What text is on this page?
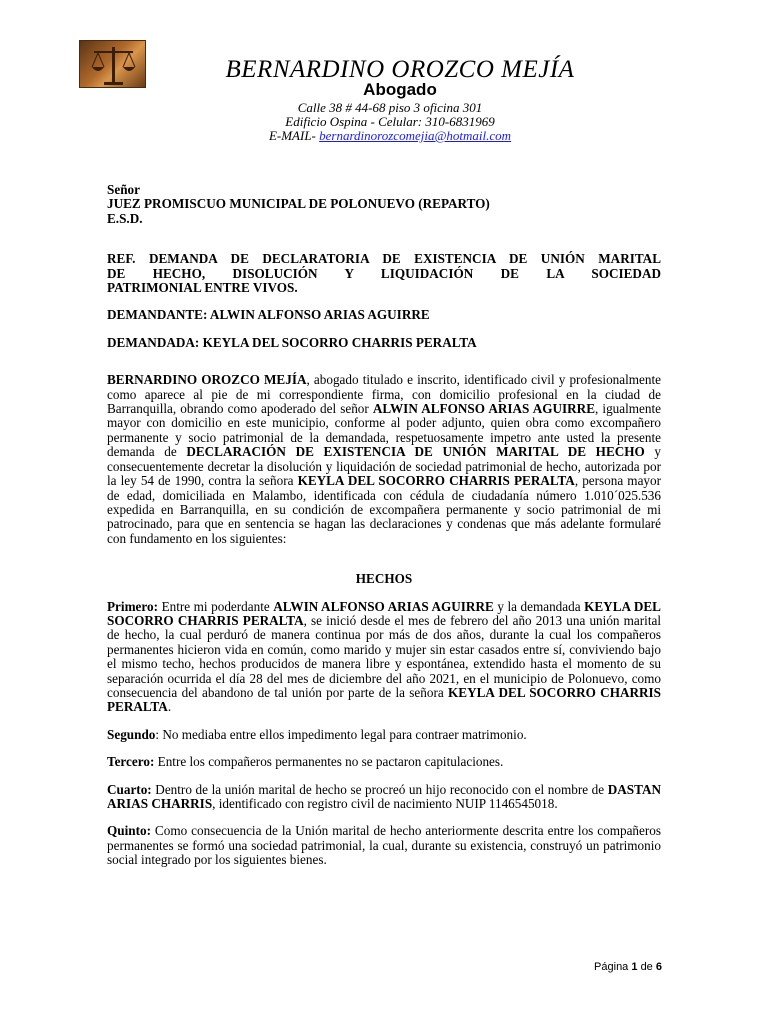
BERNARDINO OROZCO MEJÍA
Abogado
Calle 38 # 44-68 piso 3 oficina 301
Edificio Ospina - Celular: 310-6831969
E-MAIL- bernardinorozcomejia@hotmail.com

Señor

JUEZ PROMISCUO MUNICIPAL DE POLONUEVO (REPARTO)

E.S.D.

REF. DEMANDA DE DECLARATORIA DE EXISTENCIA DE UNIÓN MARITAL

DE HECHO, DISOLUCIÓN Y LIQUIDACIÓN DE LA SOCIEDAD

PATRIMONIAL ENTRE VIVOS.

DEMANDANTE: ALWIN ALFONSO ARIAS AGUIRRE

DEMANDADA: KEYLA DEL SOCORRO CHARRIS PERALTA

BERNARDINO OROZCO MEJÍA, abogado titulado e inscrito, identificado civil y profesionalmente como aparece al pie de mi correspondiente firma, con domicilio profesional en la ciudad de Barranquilla, obrando como apoderado del señor ALWIN ALFONSO ARIAS AGUIRRE, igualmente mayor con domicilio en este municipio, conforme al poder adjunto, quien obra como excompañero permanente y socio patrimonial de la demandada, respetuosamente impetro ante usted la presente demanda de DECLARACIÓN DE EXISTENCIA DE UNIÓN MARITAL DE HECHO y consecuentemente decretar la disolución y liquidación de sociedad patrimonial de hecho, autorizada por la ley 54 de 1990, contra la señora KEYLA DEL SOCORRO CHARRIS PERALTA, persona mayor de edad, domiciliada en Malambo, identificada con cédula de ciudadanía número 1.010´025.536 expedida en Barranquilla, en su condición de excompañera permanente y socio patrimonial de mi patrocinado, para que en sentencia se hagan las declaraciones y condenas que más adelante formularé con fundamento en los siguientes:

HECHOS

Primero: Entre mi poderdante ALWIN ALFONSO ARIAS AGUIRRE y la demandada KEYLA DEL SOCORRO CHARRIS PERALTA, se inició desde el mes de febrero del año 2013 una unión marital de hecho, la cual perduró de manera continua por más de dos años, durante la cual los compañeros permanentes hicieron vida en común, como marido y mujer sin estar casados entre sí, conviviendo bajo el mismo techo, hechos producidos de manera libre y espontánea, extendido hasta el momento de su separación ocurrida el día 28 del mes de diciembre del año 2021, en el municipio de Polonuevo, como consecuencia del abandono de tal unión por parte de la señora KEYLA DEL SOCORRO CHARRIS PERALTA.

Segundo: No mediaba entre ellos impedimento legal para contraer matrimonio.

Tercero: Entre los compañeros permanentes no se pactaron capitulaciones.

Cuarto: Dentro de la unión marital de hecho se procreó un hijo reconocido con el nombre de DASTAN ARIAS CHARRIS, identificado con registro civil de nacimiento NUIP 1146545018.

Quinto: Como consecuencia de la Unión marital de hecho anteriormente descrita entre los compañeros permanentes se formó una sociedad patrimonial, la cual, durante su existencia, construyó un patrimonio social integrado por los siguientes bienes.

Página 1 de 6
